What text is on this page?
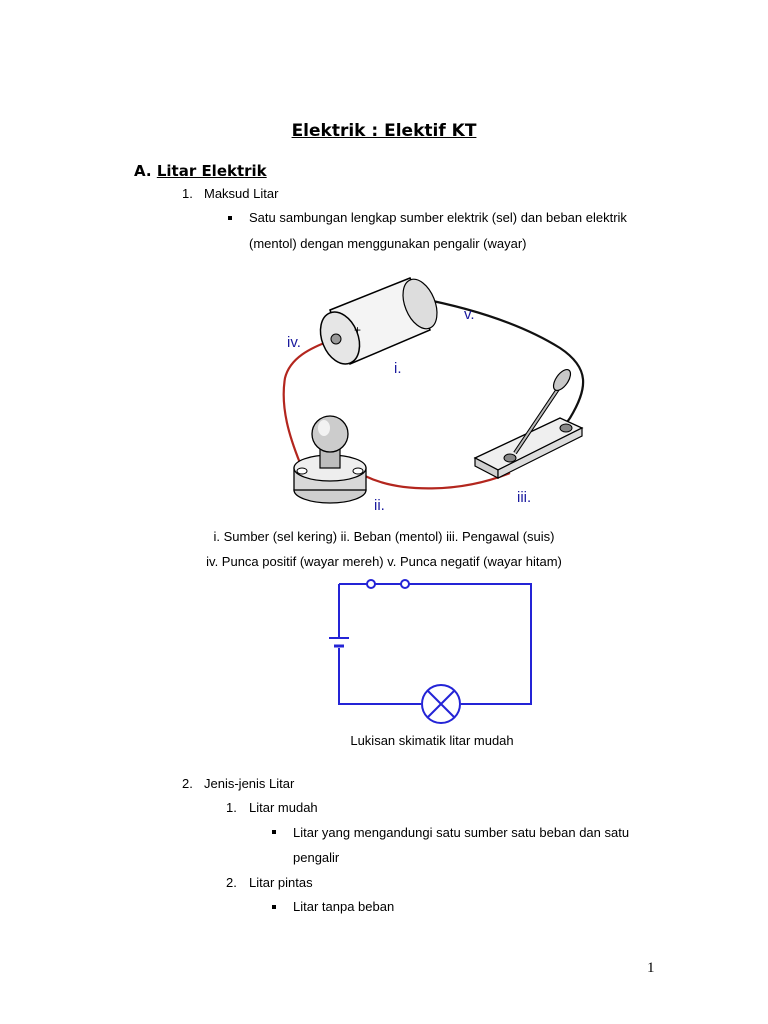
Elektrik : Elektif KT
A. Litar Elektrik
1. Maksud Litar
Satu sambungan lengkap sumber elektrik (sel) dan beban elektrik
(mentol) dengan menggunakan pengalir (wayar)
+
iv.
v.
i.
ii.	iii.
i. Sumber (sel kering) ii. Beban (mentol) iii. Pengawal (suis)
iv. Punca positif (wayar mereh) v. Punca negatif (wayar hitam)
Lukisan skimatik litar mudah
2. Jenis-jenis Litar
1. Litar mudah
Litar yang mengandungi satu sumber satu beban dan satu
pengalir
2. Litar pintas
Litar tanpa beban
1
